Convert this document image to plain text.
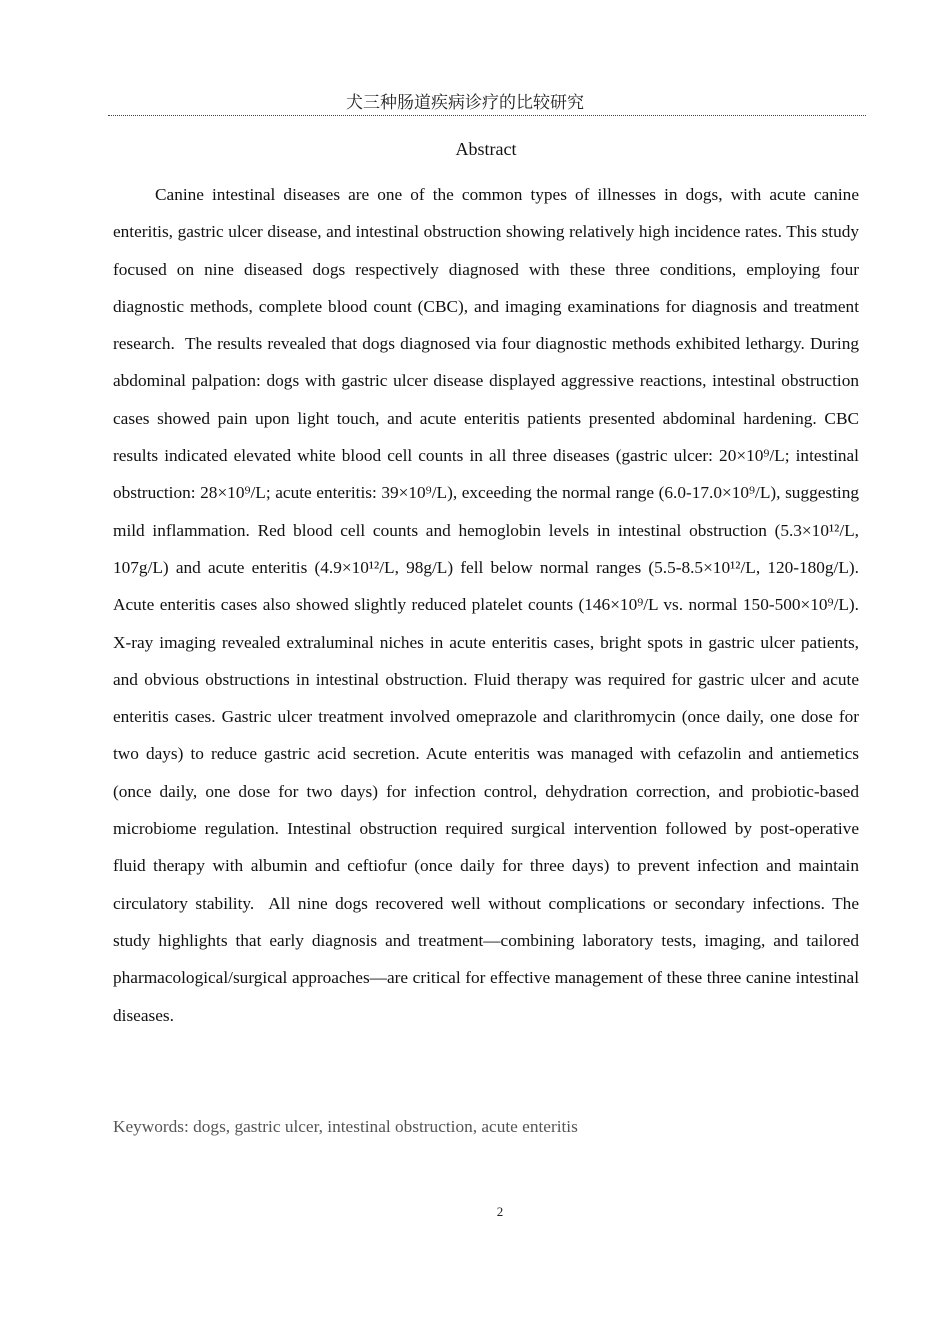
犬三种肠道疾病诊疗的比较研究
Abstract

Canine intestinal diseases are one of the common types of illnesses in dogs, with acute canine enteritis, gastric ulcer disease, and intestinal obstruction showing relatively high incidence rates. This study focused on nine diseased dogs respectively diagnosed with these three conditions, employing four diagnostic methods, complete blood count (CBC), and imaging examinations for diagnosis and treatment research.  The results revealed that dogs diagnosed via four diagnostic methods exhibited lethargy. During abdominal palpation: dogs with gastric ulcer disease displayed aggressive reactions, intestinal obstruction cases showed pain upon light touch, and acute enteritis patients presented abdominal hardening. CBC results indicated elevated white blood cell counts in all three diseases (gastric ulcer: 20×10⁹/L; intestinal obstruction: 28×10⁹/L; acute enteritis: 39×10⁹/L), exceeding the normal range (6.0-17.0×10⁹/L), suggesting mild inflammation. Red blood cell counts and hemoglobin levels in intestinal obstruction (5.3×10¹²/L, 107g/L) and acute enteritis (4.9×10¹²/L, 98g/L) fell below normal ranges (5.5-8.5×10¹²/L, 120-180g/L). Acute enteritis cases also showed slightly reduced platelet counts (146×10⁹/L vs. normal 150-500×10⁹/L).  X-ray imaging revealed extraluminal niches in acute enteritis cases, bright spots in gastric ulcer patients, and obvious obstructions in intestinal obstruction. Fluid therapy was required for gastric ulcer and acute enteritis cases. Gastric ulcer treatment involved omeprazole and clarithromycin (once daily, one dose for two days) to reduce gastric acid secretion. Acute enteritis was managed with cefazolin and antiemetics (once daily, one dose for two days) for infection control, dehydration correction, and probiotic-based microbiome regulation. Intestinal obstruction required surgical intervention followed by post-operative fluid therapy with albumin and ceftiofur (once daily for three days) to prevent infection and maintain circulatory stability.  All nine dogs recovered well without complications or secondary infections. The study highlights that early diagnosis and treatment—combining laboratory tests, imaging, and tailored pharmacological/surgical approaches—are critical for effective management of these three canine intestinal diseases.

Keywords: dogs, gastric ulcer, intestinal obstruction, acute enteritis
2
